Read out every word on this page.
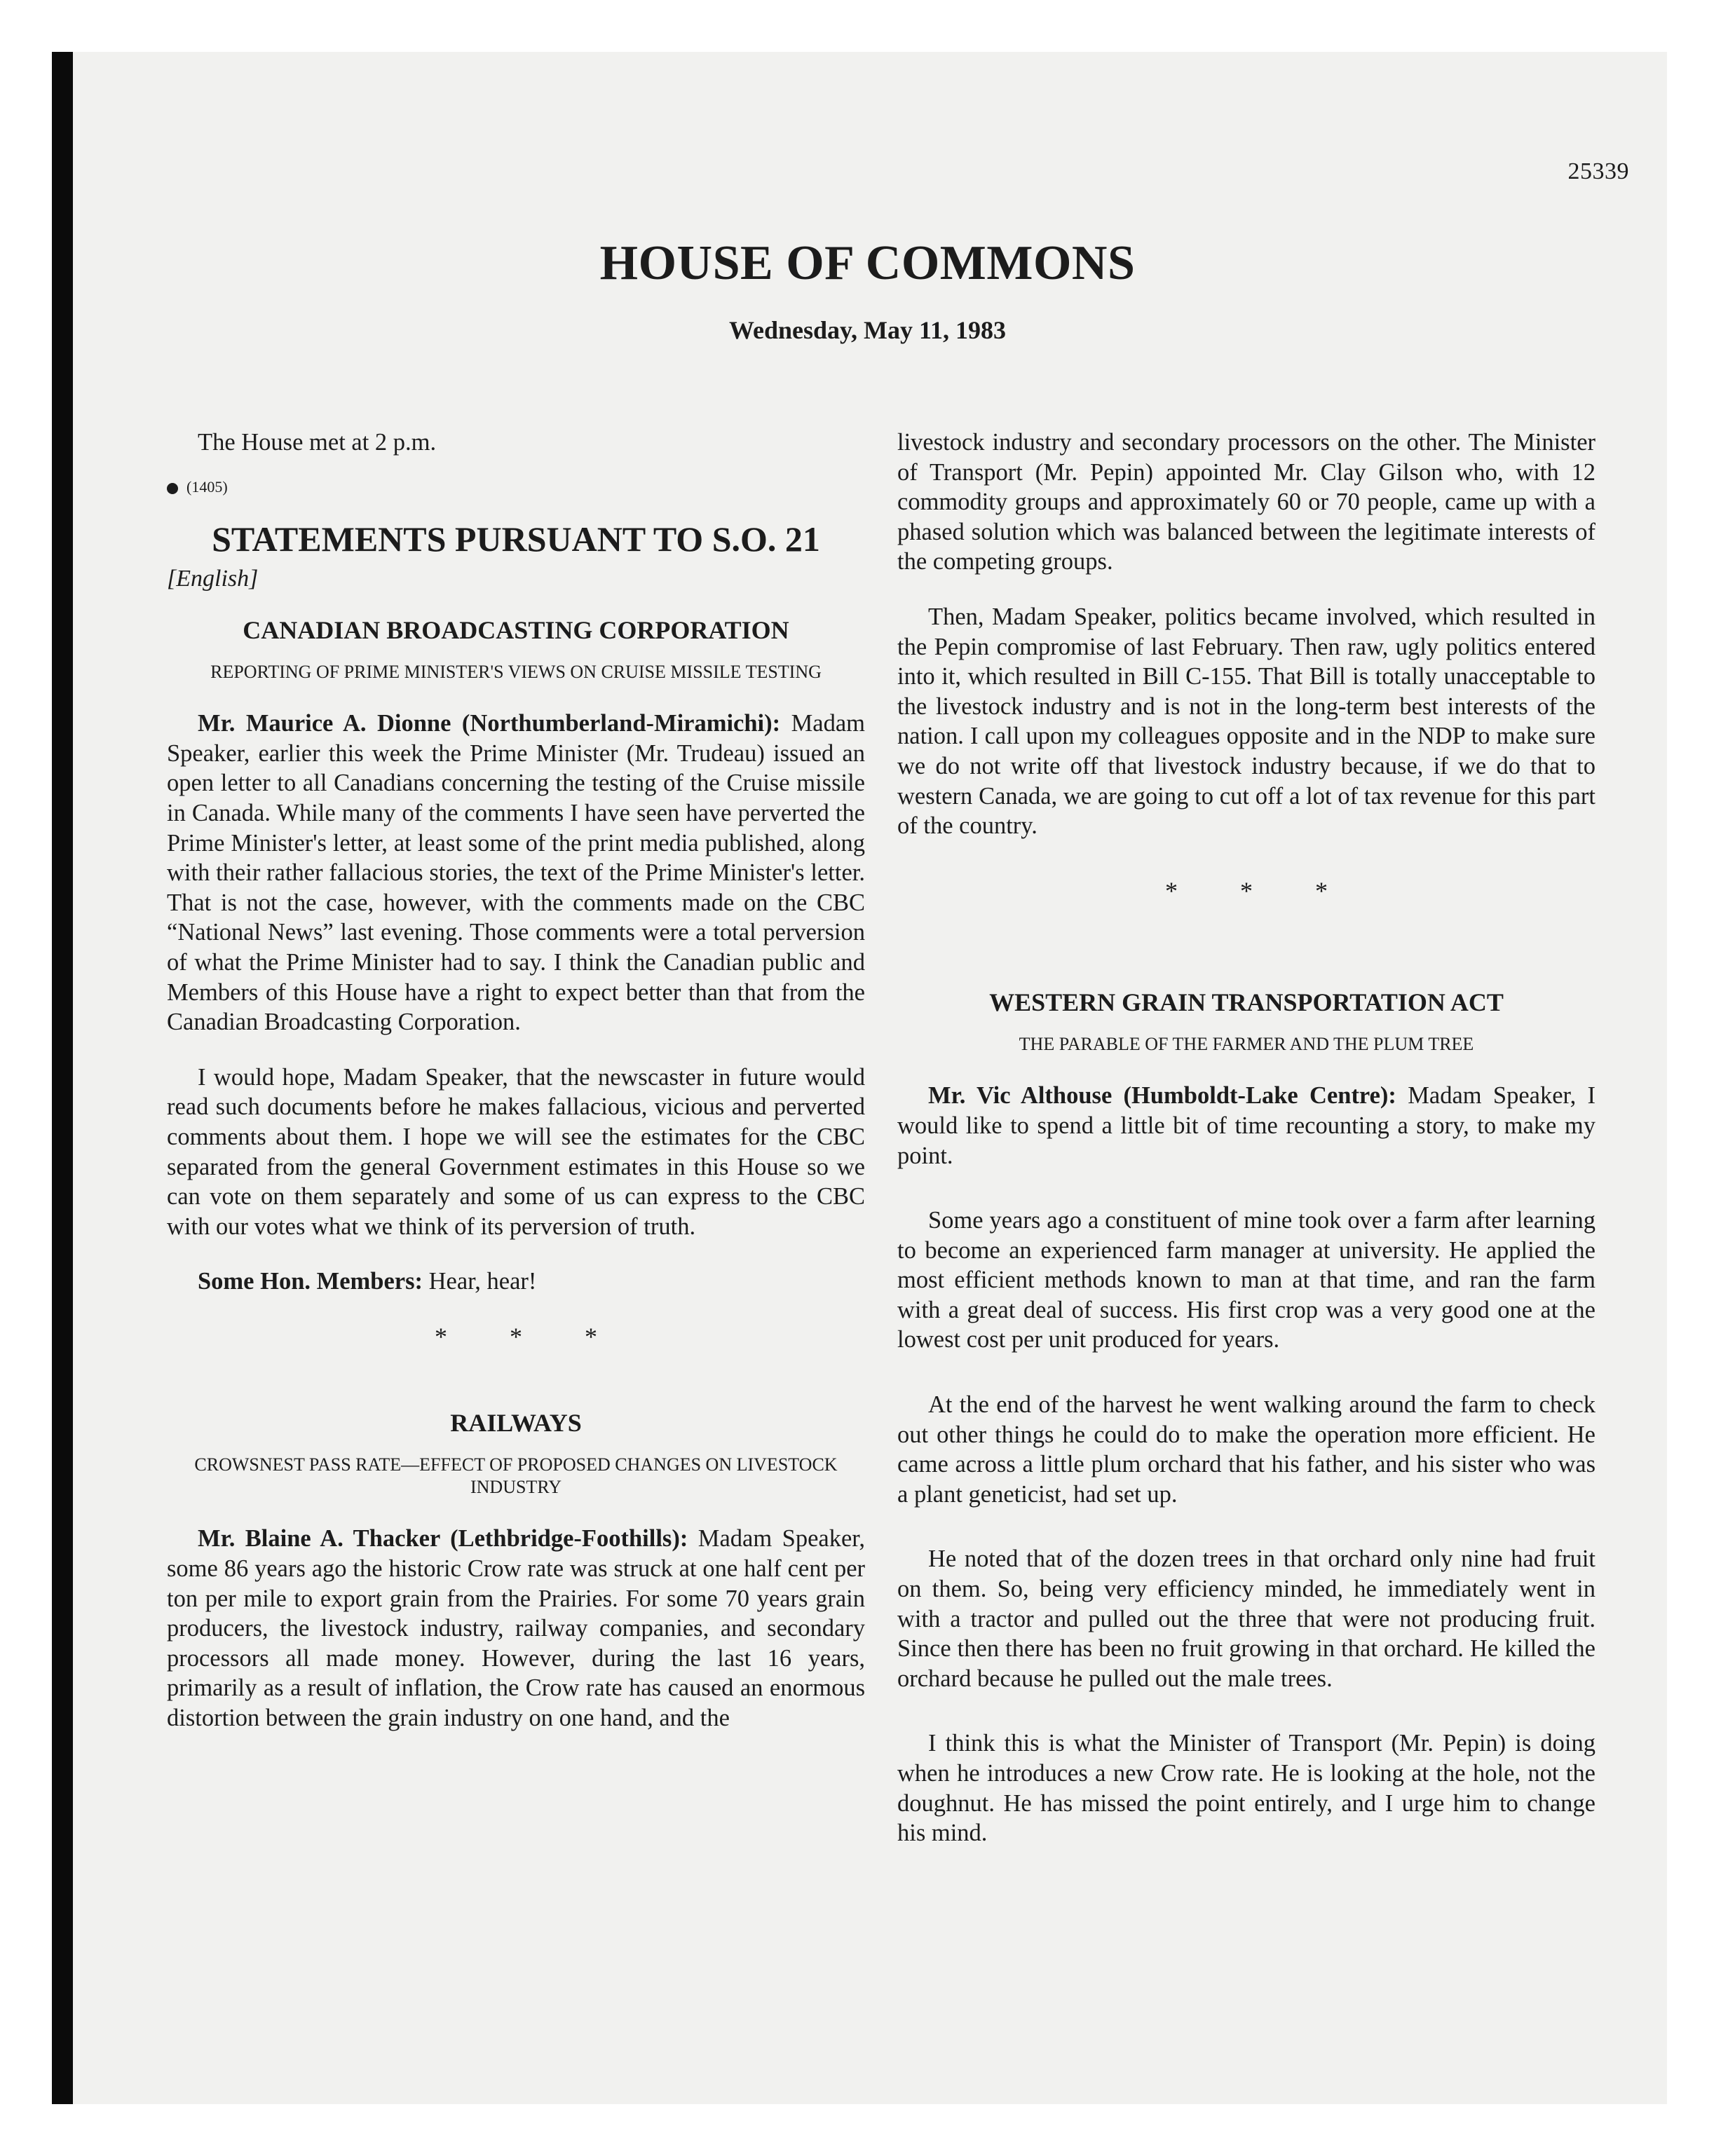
25339
HOUSE OF COMMONS
Wednesday, May 11, 1983

The House met at 2 p.m.

(1405)
STATEMENTS PURSUANT TO S.O. 21
[English]
CANADIAN BROADCASTING CORPORATION
REPORTING OF PRIME MINISTER'S VIEWS ON CRUISE MISSILE TESTING

Mr. Maurice A. Dionne (Northumberland-Miramichi): Madam Speaker, earlier this week the Prime Minister (Mr. Trudeau) issued an open letter to all Canadians concerning the testing of the Cruise missile in Canada. While many of the comments I have seen have perverted the Prime Minister's letter, at least some of the print media published, along with their rather fallacious stories, the text of the Prime Minister's letter. That is not the case, however, with the comments made on the CBC “National News” last evening. Those comments were a total perversion of what the Prime Minister had to say. I think the Canadian public and Members of this House have a right to expect better than that from the Canadian Broadcasting Corporation.

I would hope, Madam Speaker, that the newscaster in future would read such documents before he makes fallacious, vicious and perverted comments about them. I hope we will see the estimates for the CBC separated from the general Government estimates in this House so we can vote on them separately and some of us can express to the CBC with our votes what we think of its perversion of truth.

Some Hon. Members: Hear, hear!

* * *
RAILWAYS
CROWSNEST PASS RATE—EFFECT OF PROPOSED CHANGES ON LIVESTOCK INDUSTRY

Mr. Blaine A. Thacker (Lethbridge-Foothills): Madam Speaker, some 86 years ago the historic Crow rate was struck at one half cent per ton per mile to export grain from the Prairies. For some 70 years grain producers, the livestock industry, railway companies, and secondary processors all made money. However, during the last 16 years, primarily as a result of inflation, the Crow rate has caused an enormous distortion between the grain industry on one hand, and the

livestock industry and secondary processors on the other. The Minister of Transport (Mr. Pepin) appointed Mr. Clay Gilson who, with 12 commodity groups and approximately 60 or 70 people, came up with a phased solution which was balanced between the legitimate interests of the competing groups.

Then, Madam Speaker, politics became involved, which resulted in the Pepin compromise of last February. Then raw, ugly politics entered into it, which resulted in Bill C-155. That Bill is totally unacceptable to the livestock industry and is not in the long-term best interests of the nation. I call upon my colleagues opposite and in the NDP to make sure we do not write off that livestock industry because, if we do that to western Canada, we are going to cut off a lot of tax revenue for this part of the country.

* * *
WESTERN GRAIN TRANSPORTATION ACT
THE PARABLE OF THE FARMER AND THE PLUM TREE

Mr. Vic Althouse (Humboldt-Lake Centre): Madam Speaker, I would like to spend a little bit of time recounting a story, to make my point.

Some years ago a constituent of mine took over a farm after learning to become an experienced farm manager at university. He applied the most efficient methods known to man at that time, and ran the farm with a great deal of success. His first crop was a very good one at the lowest cost per unit produced for years.

At the end of the harvest he went walking around the farm to check out other things he could do to make the operation more efficient. He came across a little plum orchard that his father, and his sister who was a plant geneticist, had set up.

He noted that of the dozen trees in that orchard only nine had fruit on them. So, being very efficiency minded, he immediately went in with a tractor and pulled out the three that were not producing fruit. Since then there has been no fruit growing in that orchard. He killed the orchard because he pulled out the male trees.

I think this is what the Minister of Transport (Mr. Pepin) is doing when he introduces a new Crow rate. He is looking at the hole, not the doughnut. He has missed the point entirely, and I urge him to change his mind.
